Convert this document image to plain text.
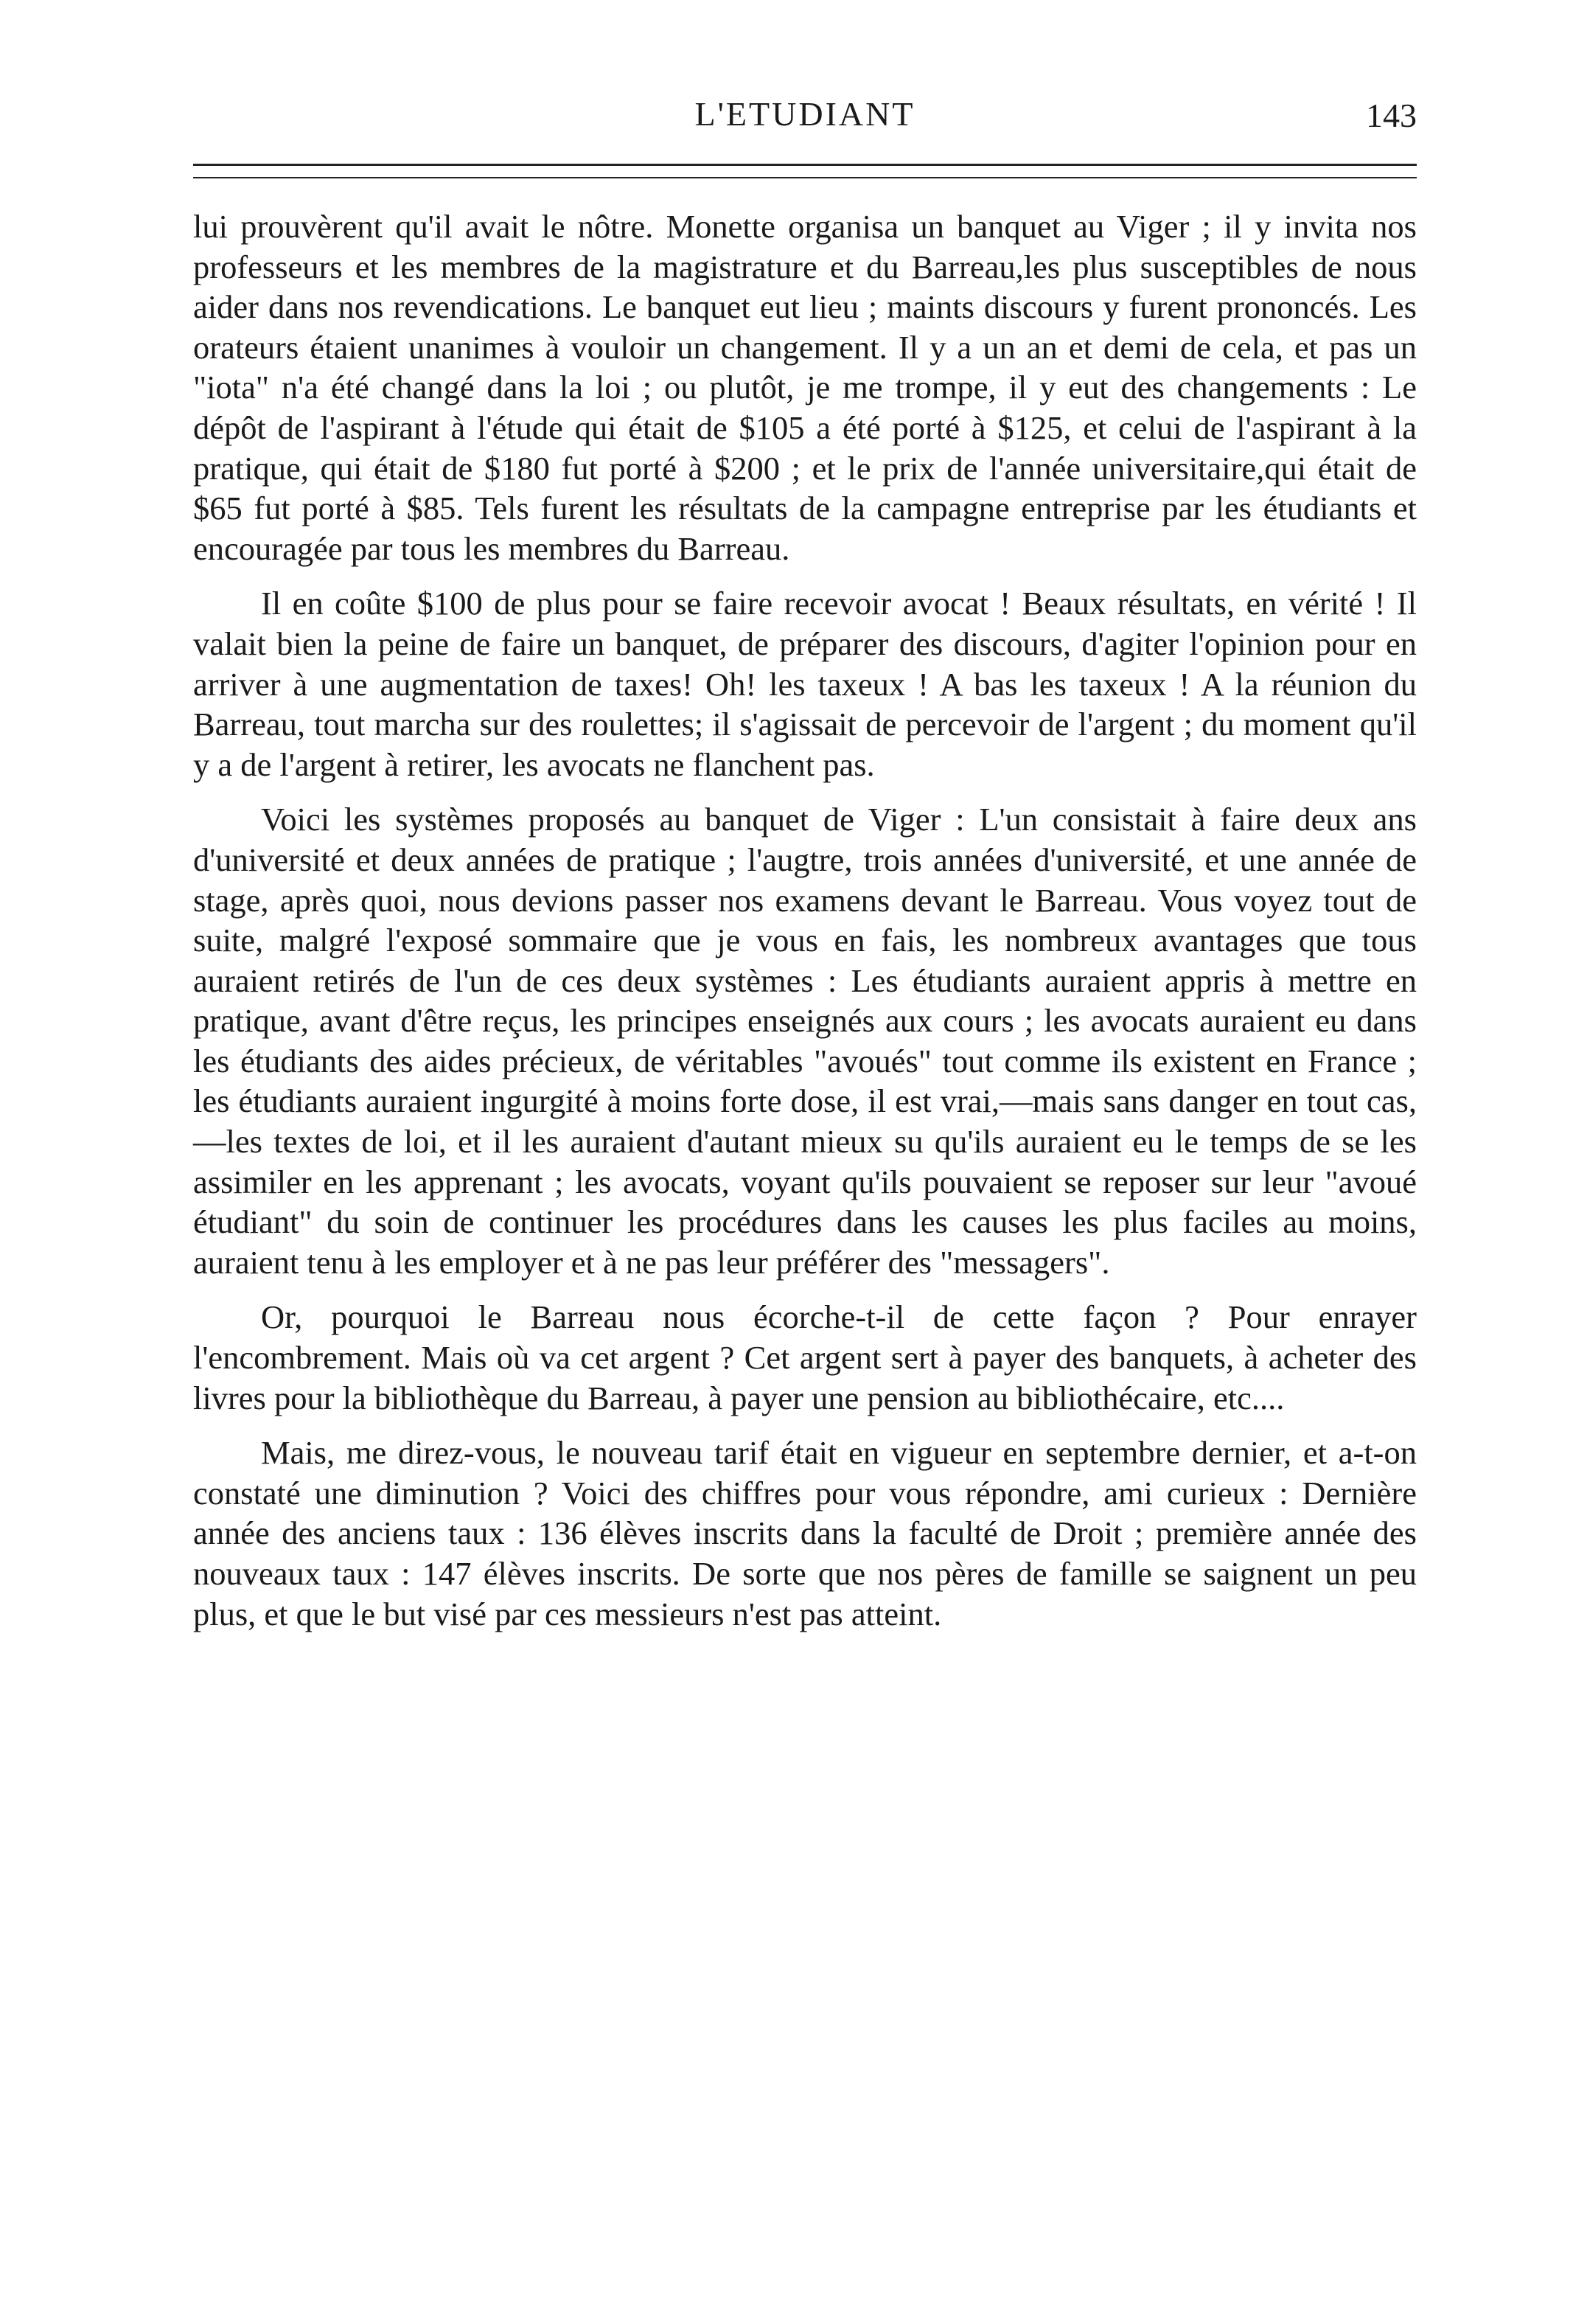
L'ETUDIANT	143

lui prouvèrent qu'il avait le nôtre. Monette organisa un banquet au Viger ; il y invita nos professeurs et les membres de la magistrature et du Barreau,les plus susceptibles de nous aider dans nos revendications. Le banquet eut lieu ; maints discours y furent prononcés. Les orateurs étaient unanimes à vouloir un changement. Il y a un an et demi de cela, et pas un "iota" n'a été changé dans la loi ; ou plutôt, je me trompe, il y eut des changements : Le dépôt de l'aspirant à l'étude qui était de $105 a été porté à $125, et celui de l'aspirant à la pratique, qui était de $180 fut porté à $200 ; et le prix de l'année universitaire,qui était de $65 fut porté à $85. Tels furent les résultats de la campagne entreprise par les étudiants et encouragée par tous les membres du Barreau.

Il en coûte $100 de plus pour se faire recevoir avocat ! Beaux résultats, en vérité ! Il valait bien la peine de faire un banquet, de préparer des discours, d'agiter l'opinion pour en arriver à une augmentation de taxes! Oh! les taxeux ! A bas les taxeux ! A la réunion du Barreau, tout marcha sur des roulettes; il s'agissait de percevoir de l'argent ; du moment qu'il y a de l'argent à retirer, les avocats ne flanchent pas.

Voici les systèmes proposés au banquet de Viger : L'un consistait à faire deux ans d'université et deux années de pratique ; l'augtre, trois années d'université, et une année de stage, après quoi, nous devions passer nos examens devant le Barreau. Vous voyez tout de suite, malgré l'exposé sommaire que je vous en fais, les nombreux avantages que tous auraient retirés de l'un de ces deux systèmes : Les étudiants auraient appris à mettre en pratique, avant d'être reçus, les principes enseignés aux cours ; les avocats auraient eu dans les étudiants des aides précieux, de véritables "avoués" tout comme ils existent en France ; les étudiants auraient ingurgité à moins forte dose, il est vrai,—mais sans danger en tout cas,—les textes de loi, et il les auraient d'autant mieux su qu'ils auraient eu le temps de se les assimiler en les apprenant ; les avocats, voyant qu'ils pouvaient se reposer sur leur "avoué étudiant" du soin de continuer les procédures dans les causes les plus faciles au moins, auraient tenu à les employer et à ne pas leur préférer des "messagers".

Or, pourquoi le Barreau nous écorche-t-il de cette façon ? Pour enrayer l'encombrement. Mais où va cet argent ? Cet argent sert à payer des banquets, à acheter des livres pour la bibliothèque du Barreau, à payer une pension au bibliothécaire, etc....

Mais, me direz-vous, le nouveau tarif était en vigueur en septembre dernier, et a-t-on constaté une diminution ? Voici des chiffres pour vous répondre, ami curieux : Dernière année des anciens taux : 136 élèves inscrits dans la faculté de Droit ; première année des nouveaux taux : 147 élèves inscrits. De sorte que nos pères de famille se saignent un peu plus, et que le but visé par ces messieurs n'est pas atteint.
